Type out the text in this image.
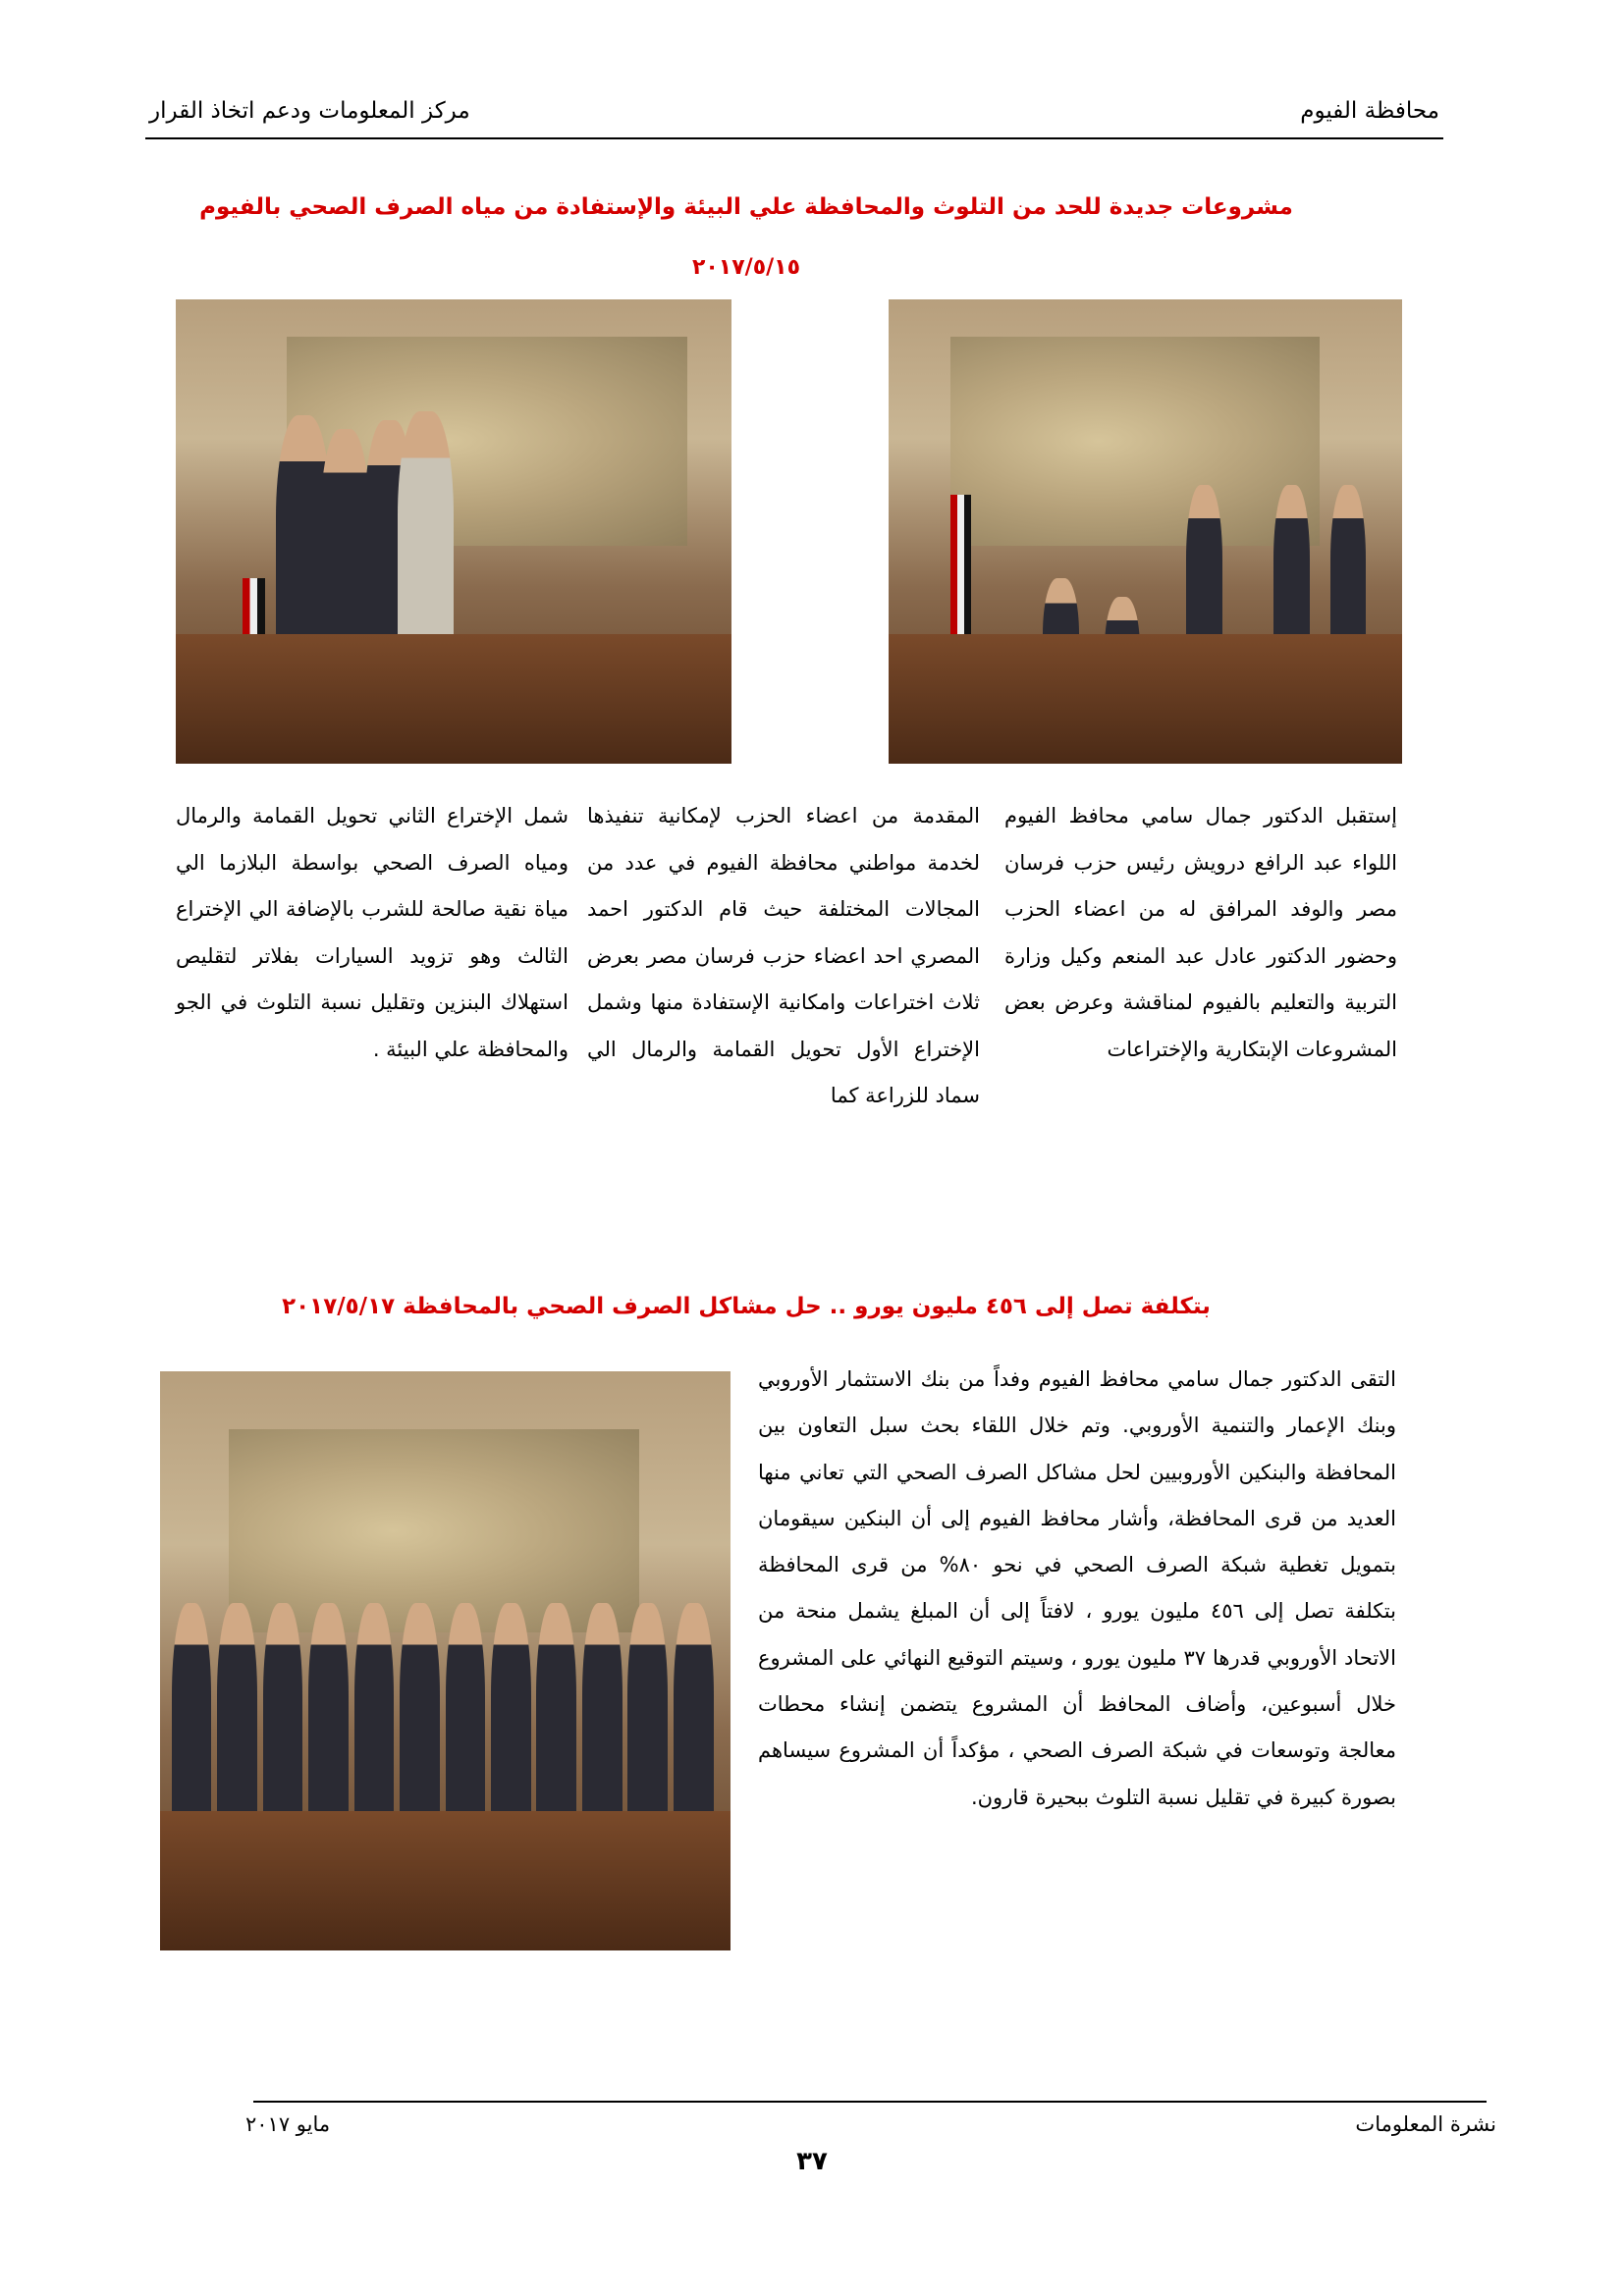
محافظة الفيوم
مركز المعلومات ودعم اتخاذ القرار
مشروعات جديدة للحد من التلوث والمحافظة علي البيئة والإستفادة من مياه الصرف الصحي بالفيوم
٢٠١٧/٥/١٥
إستقبل الدكتور جمال سامي محافظ الفيوم اللواء عبد الرافع درويش رئيس حزب فرسان مصر والوفد المرافق له من اعضاء الحزب وحضور الدكتور عادل عبد المنعم وكيل وزارة التربية والتعليم بالفيوم لمناقشة وعرض بعض المشروعات الإبتكارية والإختراعات
المقدمة من اعضاء الحزب لإمكانية تنفيذها لخدمة مواطني محافظة الفيوم في عدد من المجالات المختلفة حيث قام الدكتور احمد المصري احد اعضاء حزب فرسان مصر بعرض ثلاث اختراعات وامكانية الإستفادة منها وشمل الإختراع الأول تحويل القمامة والرمال الي سماد للزراعة كما
شمل الإختراع الثاني تحويل القمامة والرمال ومياه الصرف الصحي بواسطة البلازما الي مياة نقية صالحة للشرب بالإضافة الي الإختراع الثالث وهو تزويد السيارات بفلاتر لتقليص استهلاك البنزين وتقليل نسبة التلوث في الجو والمحافظة علي البيئة .
بتكلفة تصل إلى ٤٥٦ مليون يورو .. حل مشاكل الصرف الصحي بالمحافظة ٢٠١٧/٥/١٧
التقى الدكتور جمال سامي محافظ الفيوم وفداً من بنك الاستثمار الأوروبي وبنك الإعمار والتنمية الأوروبي. وتم خلال اللقاء بحث سبل التعاون بين المحافظة والبنكين الأوروبيين لحل مشاكل الصرف الصحي التي تعاني منها العديد من قرى المحافظة، وأشار محافظ الفيوم إلى أن البنكين سيقومان بتمويل تغطية شبكة الصرف الصحي في نحو ٨٠% من قرى المحافظة بتكلفة تصل إلى ٤٥٦ مليون يورو ، لافتاً إلى أن المبلغ يشمل منحة من الاتحاد الأوروبي قدرها ٣٧ مليون يورو ، وسيتم التوقيع النهائي على المشروع خلال أسبوعين، وأضاف المحافظ أن المشروع يتضمن إنشاء محطات معالجة وتوسعات في شبكة الصرف الصحي ، مؤكداً أن المشروع سيساهم بصورة كبيرة في تقليل نسبة التلوث ببحيرة قارون.
نشرة المعلومات
مايو ٢٠١٧
٣٧
